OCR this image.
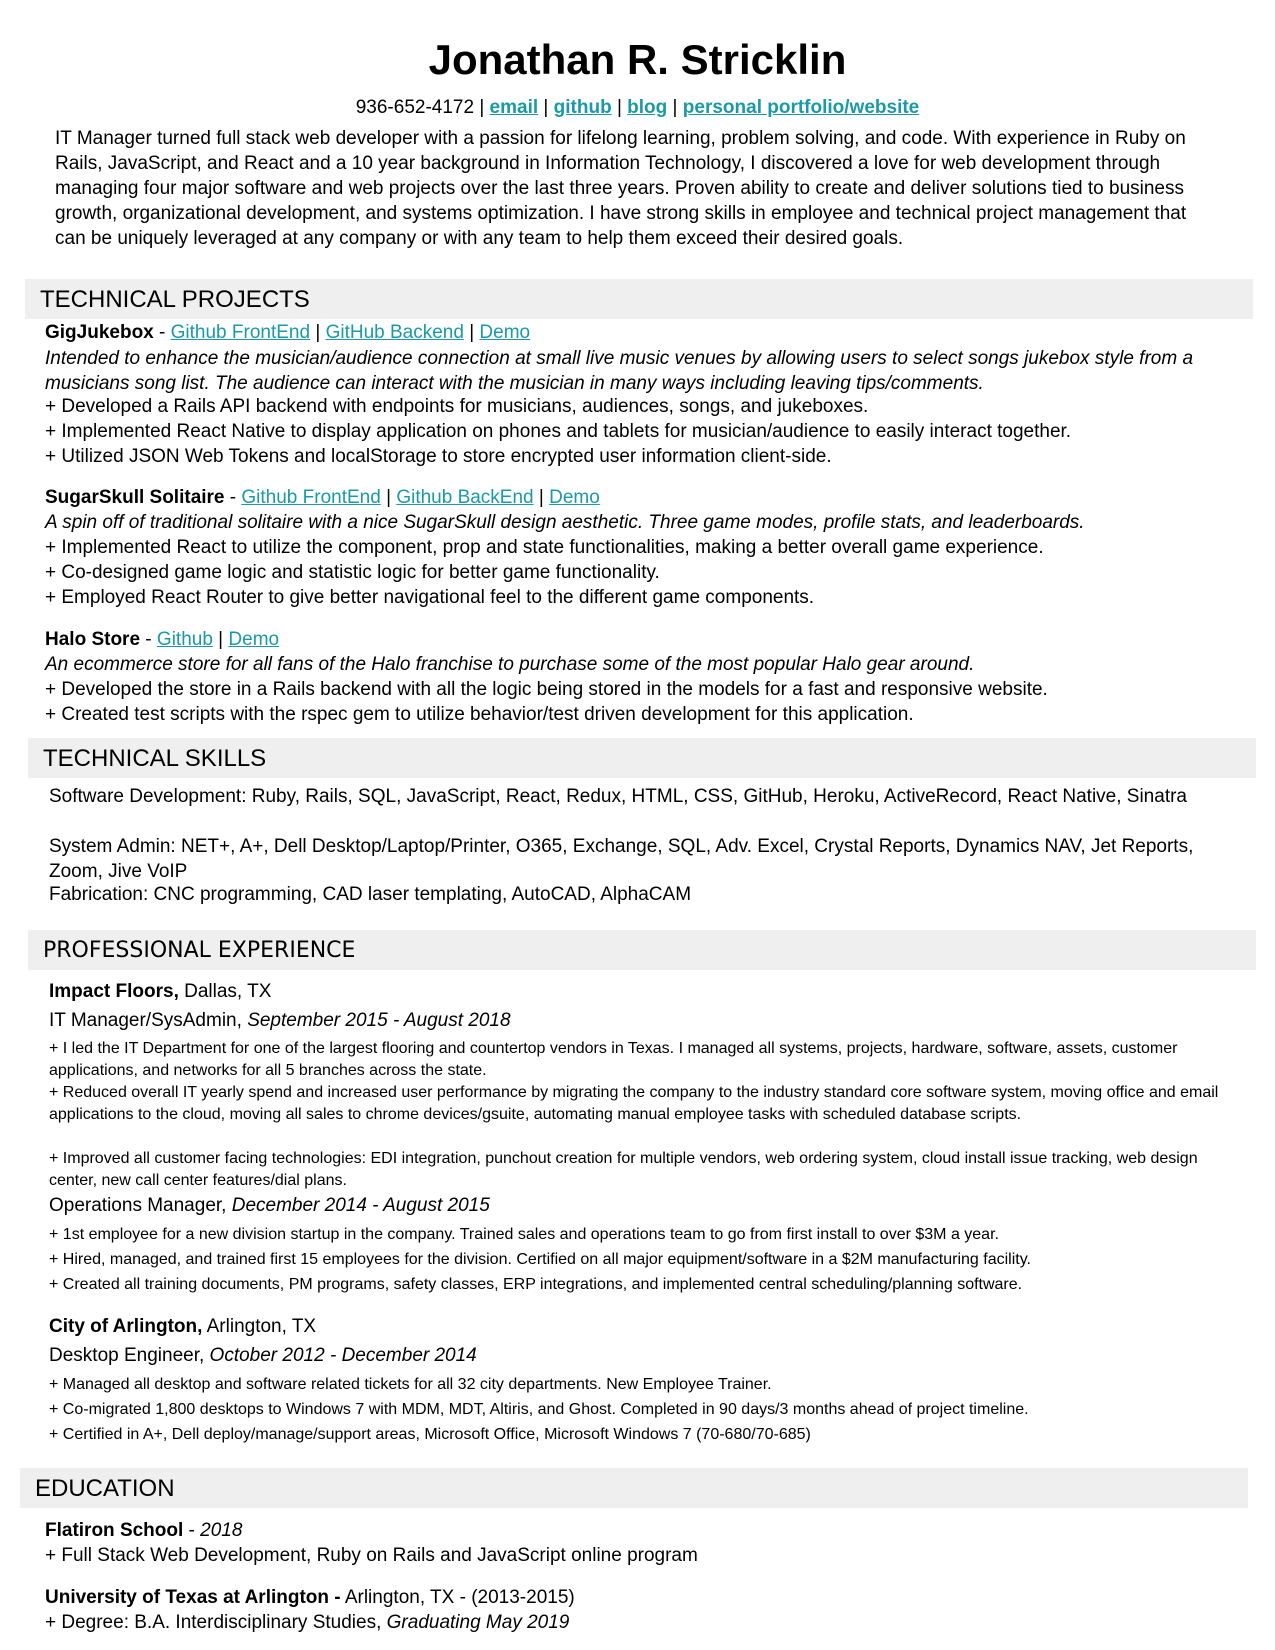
Jonathan R. Stricklin
936-652-4172 | email | github | blog | personal portfolio/website
IT Manager turned full stack web developer with a passion for lifelong learning, problem solving, and code. With experience in Ruby on Rails, JavaScript, and React and a 10 year background in Information Technology, I discovered a love for web development through managing four major software and web projects over the last three years. Proven ability to create and deliver solutions tied to business growth, organizational development, and systems optimization. I have strong skills in employee and technical project management that can be uniquely leveraged at any company or with any team to help them exceed their desired goals.
TECHNICAL PROJECTS
GigJukebox - Github FrontEnd | GitHub Backend | Demo
Intended to enhance the musician/audience connection at small live music venues by allowing users to select songs jukebox style from a musicians song list. The audience can interact with the musician in many ways including leaving tips/comments.
+ Developed a Rails API backend with endpoints for musicians, audiences, songs, and jukeboxes.
+ Implemented React Native to display application on phones and tablets for musician/audience to easily interact together.
+ Utilized JSON Web Tokens and localStorage to store encrypted user information client-side.
SugarSkull Solitaire - Github FrontEnd | Github BackEnd | Demo
A spin off of traditional solitaire with a nice SugarSkull design aesthetic. Three game modes, profile stats, and leaderboards.
+ Implemented React to utilize the component, prop and state functionalities, making a better overall game experience.
+ Co-designed game logic and statistic logic for better game functionality.
+ Employed React Router to give better navigational feel to the different game components.
Halo Store - Github | Demo
An ecommerce store for all fans of the Halo franchise to purchase some of the most popular Halo gear around.
+ Developed the store in a Rails backend with all the logic being stored in the models for a fast and responsive website.
+ Created test scripts with the rspec gem to utilize behavior/test driven development for this application.
TECHNICAL SKILLS
Software Development: Ruby, Rails, SQL, JavaScript, React, Redux, HTML, CSS, GitHub, Heroku, ActiveRecord, React Native, Sinatra
System Admin: NET+, A+, Dell Desktop/Laptop/Printer, O365, Exchange, SQL, Adv. Excel, Crystal Reports, Dynamics NAV, Jet Reports, Zoom, Jive VoIP
Fabrication: CNC programming, CAD laser templating, AutoCAD, AlphaCAM
PROFESSIONAL EXPERIENCE
Impact Floors, Dallas, TX
IT Manager/SysAdmin, September 2015 - August 2018
+ I led the IT Department for one of the largest flooring and countertop vendors in Texas. I managed all systems, projects, hardware, software, assets, customer applications, and networks for all 5 branches across the state.
+ Reduced overall IT yearly spend and increased user performance by migrating the company to the industry standard core software system, moving office and email applications to the cloud, moving all sales to chrome devices/gsuite, automating manual employee tasks with scheduled database scripts.
+ Improved all customer facing technologies: EDI integration, punchout creation for multiple vendors, web ordering system, cloud install issue tracking, web design center, new call center features/dial plans.
Operations Manager, December 2014 - August 2015
+ 1st employee for a new division startup in the company. Trained sales and operations team to go from first install to over $3M a year.
+ Hired, managed, and trained first 15 employees for the division. Certified on all major equipment/software in a $2M manufacturing facility.
+ Created all training documents, PM programs, safety classes, ERP integrations, and implemented central scheduling/planning software.
City of Arlington, Arlington, TX
Desktop Engineer, October 2012 - December 2014
+ Managed all desktop and software related tickets for all 32 city departments. New Employee Trainer.
+ Co-migrated 1,800 desktops to Windows 7 with MDM, MDT, Altiris, and Ghost. Completed in 90 days/3 months ahead of project timeline.
+ Certified in A+, Dell deploy/manage/support areas, Microsoft Office, Microsoft Windows 7 (70-680/70-685)
EDUCATION
Flatiron School - 2018
+ Full Stack Web Development, Ruby on Rails and JavaScript online program
University of Texas at Arlington - Arlington, TX - (2013-2015)
+ Degree: B.A. Interdisciplinary Studies, Graduating May 2019
